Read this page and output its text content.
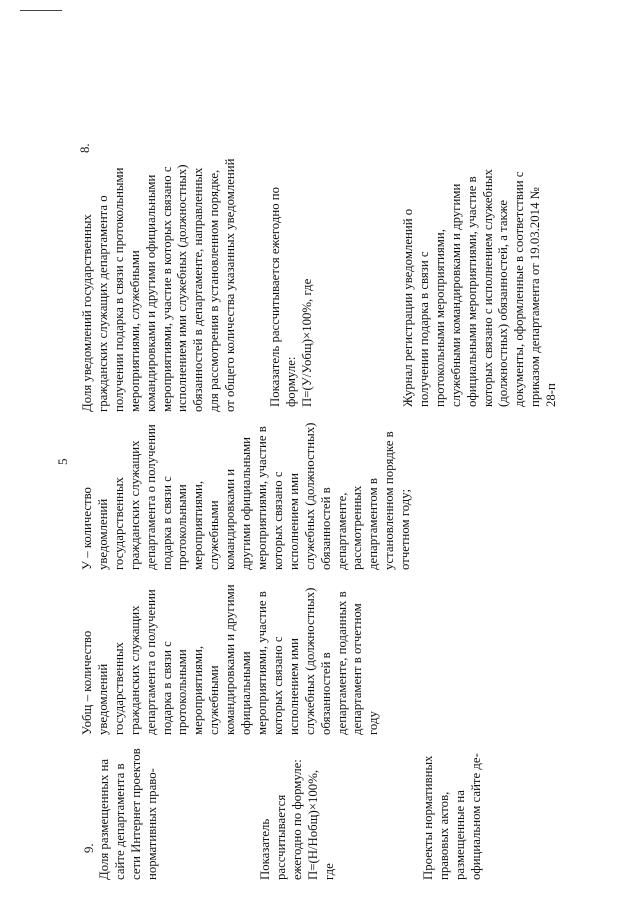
5
8.
Доля уведомлений государственных гражданских служащих департамента о получении подарка в связи с протокольными мероприятиями, служебными командировками и другими официальными мероприятиями, участие в которых связано с исполнением ими служебных (должностных) обязанностей в департаменте, направленных для рассмотрения в установленном порядке, от общего количества указанных уведомлений Показатель рассчитывается ежегодно по формуле: П=(У/Уобщ)×100%, где

У – количество уведомлений государственных гражданских служащих департамента о получении подарка в связи с протокольными мероприятиями, служебными командировками и другими официальными мероприятиями, участие в которых связано с исполнением ими служебных (должностных) обязанностей в департаменте, рассмотренных департаментом в установленном порядке в отчетном году;
Уобщ – количество уведомлений государственных гражданских служащих департамента о получении подарка в связи с протокольными мероприятиями, служебными командировками и другими официальными мероприятиями, участие в которых связано с исполнением ими служебных (должностных) обязанностей в департаменте, поданных в департамент в отчетном году
Журнал регистрации уведомлений о получении подарка в связи с протокольными мероприятиями, служебными командировками и другими официальными мероприятиями, участие в которых связано с исполнением служебных (должностных) обязанностей, а также документы, оформленные в соответствии с приказом департамента от 19.03.2014 № 28-п
9. Доля размещенных на сайте департамента в сети Интернет проектов нормативных право-	Показатель рассчитывается ежегодно по формуле: П=(Н/Нобщ)×100%, где	Проекты нормативных правовых актов, размещенные на официальном сайте де-
